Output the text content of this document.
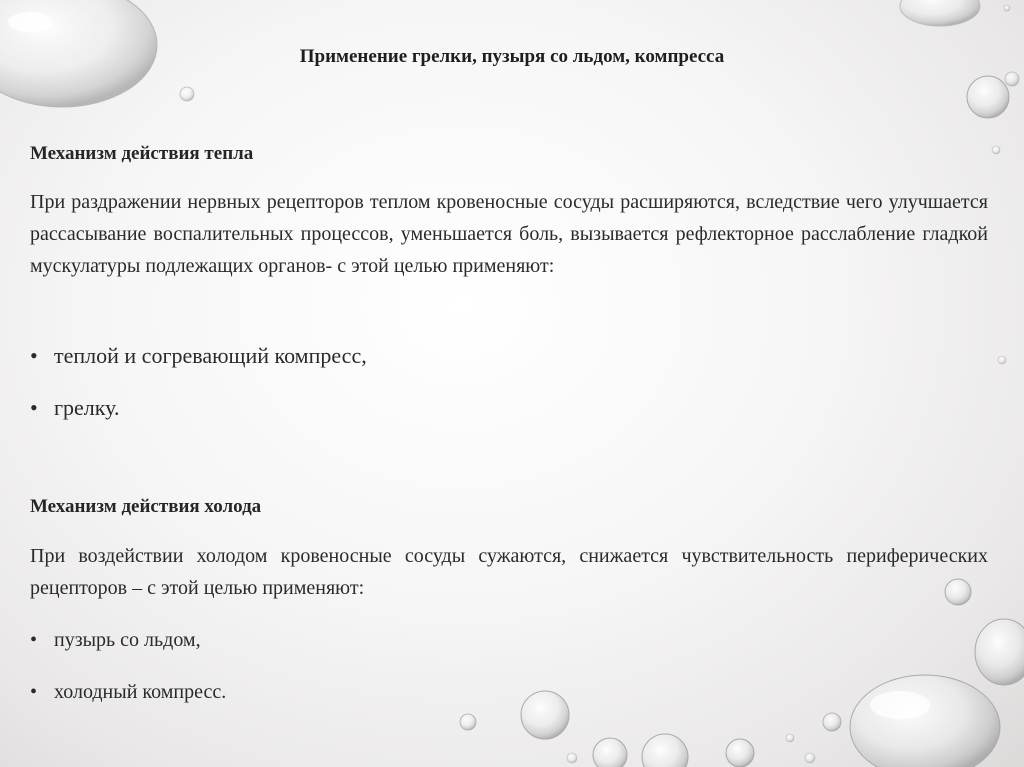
Применение грелки, пузыря со льдом, компресса
Механизм действия тепла
При раздражении нервных рецепторов теплом кровеносные сосуды расширяются, вследствие чего улучшается рассасывание воспалительных процессов, уменьшается боль, вызывается рефлекторное расслабление гладкой мускулатуры подлежащих органов- с этой целью применяют:
• теплой и согревающий компресс,
• грелку.
Механизм действия холода
При воздействии холодом кровеносные сосуды сужаются, снижается чувствительность периферических рецепторов – с этой целью применяют:
• пузырь со льдом,
• холодный компресс.
